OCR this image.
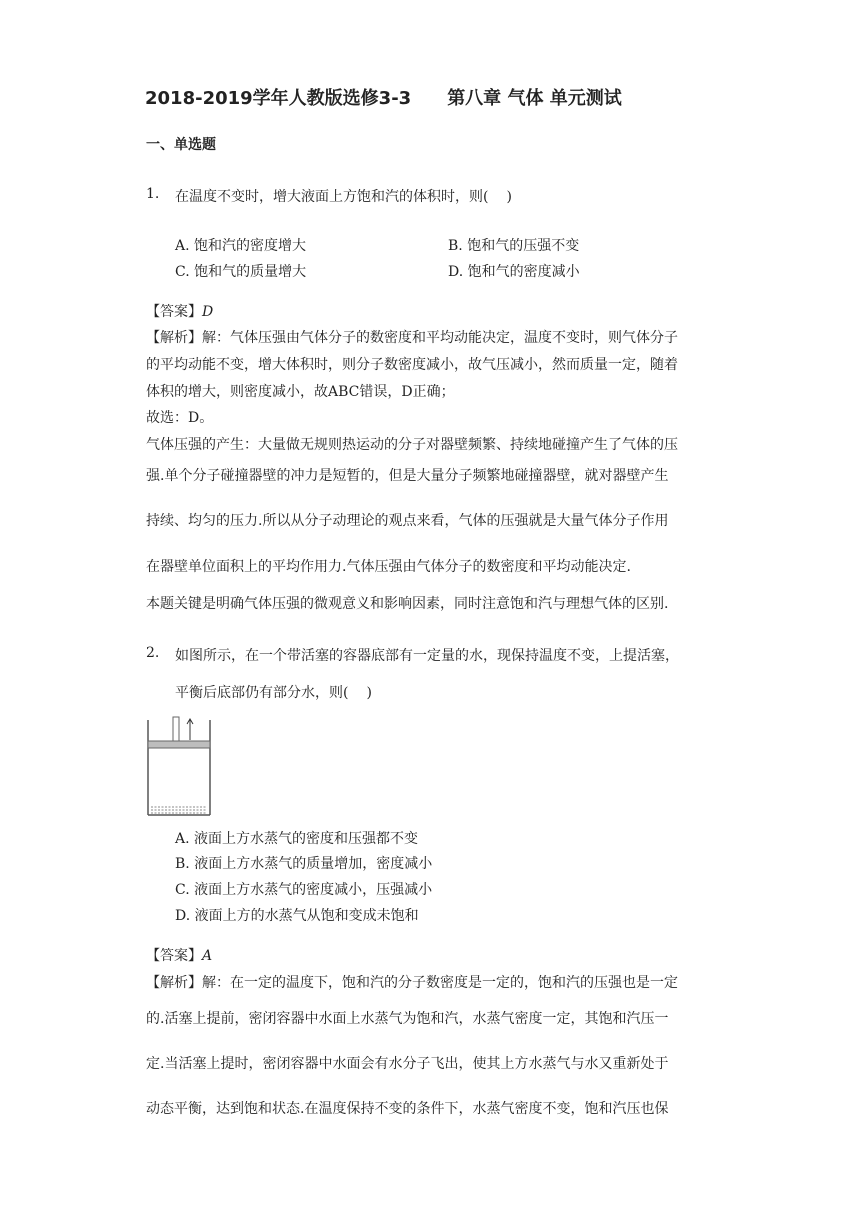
2018-2019学年人教版选修3-3 第八章 气体 单元测试
一、单选题
1. 在温度不变时，增大液面上方饱和汽的体积时，则( )
A. 饱和汽的密度增大	B. 饱和气的压强不变
C. 饱和气的质量增大	D. 饱和气的密度减小
【答案】D
【解析】解：气体压强由气体分子的数密度和平均动能决定，温度不变时，则气体分子
的平均动能不变，增大体积时，则分子数密度减小，故气压减小，然而质量一定，随着
体积的增大，则密度减小，故ABC错误，D正确；
故选：D。
气体压强的产生：大量做无规则热运动的分子对器壁频繁、持续地碰撞产生了气体的压
强.单个分子碰撞器壁的冲力是短暂的，但是大量分子频繁地碰撞器壁，就对器壁产生
持续、均匀的压力.所以从分子动理论的观点来看，气体的压强就是大量气体分子作用
在器壁单位面积上的平均作用力.气体压强由气体分子的数密度和平均动能决定.
本题关键是明确气体压强的微观意义和影响因素，同时注意饱和汽与理想气体的区别.
2. 如图所示，在一个带活塞的容器底部有一定量的水，现保持温度不变，上提活塞，
平衡后底部仍有部分水，则( )
A. 液面上方水蒸气的密度和压强都不变
B. 液面上方水蒸气的质量增加，密度减小
C. 液面上方水蒸气的密度减小，压强减小
D. 液面上方的水蒸气从饱和变成未饱和
【答案】A
【解析】解：在一定的温度下，饱和汽的分子数密度是一定的，饱和汽的压强也是一定
的.活塞上提前，密闭容器中水面上水蒸气为饱和汽，水蒸气密度一定，其饱和汽压一
定.当活塞上提时，密闭容器中水面会有水分子飞出，使其上方水蒸气与水又重新处于
动态平衡，达到饱和状态.在温度保持不变的条件下，水蒸气密度不变，饱和汽压也保
